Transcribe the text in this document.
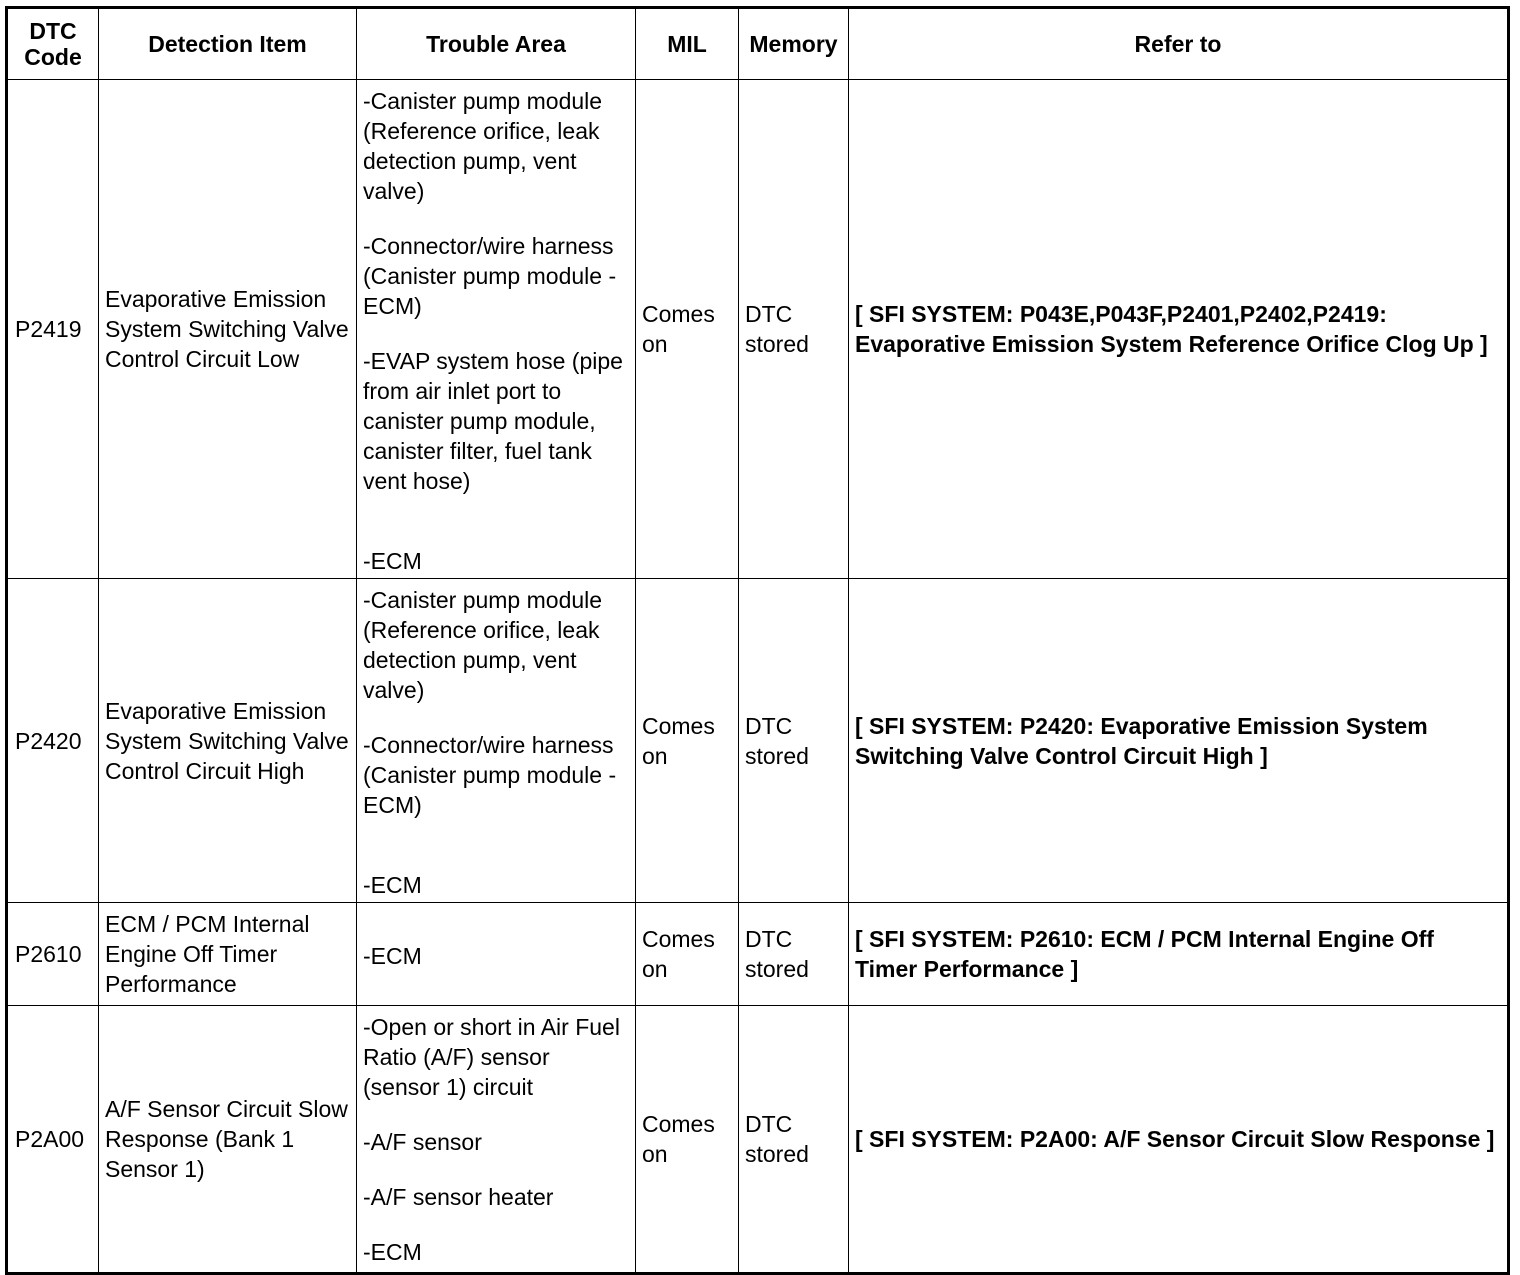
DTC Code	Detection Item	Trouble Area	MIL	Memory	Refer to
P2419	Evaporative Emission System Switching Valve Control Circuit Low	-Canister pump module (Reference orifice, leak detection pump, vent valve)

-Connector/wire harness (Canister pump module - ECM)

-EVAP system hose (pipe from air inlet port to canister pump module, canister filter, fuel tank vent hose)

-ECM	Comes on	DTC stored	[ SFI SYSTEM: P043E,P043F,P2401,P2402,P2419: Evaporative Emission System Reference Orifice Clog Up ]
P2420	Evaporative Emission System Switching Valve Control Circuit High	-Canister pump module (Reference orifice, leak detection pump, vent valve)

-Connector/wire harness (Canister pump module - ECM)

-ECM	Comes on	DTC stored	[ SFI SYSTEM: P2420: Evaporative Emission System Switching Valve Control Circuit High ]
P2610	ECM / PCM Internal Engine Off Timer Performance	-ECM	Comes on	DTC stored	[ SFI SYSTEM: P2610: ECM / PCM Internal Engine Off Timer Performance ]
P2A00	A/F Sensor Circuit Slow Response (Bank 1 Sensor 1)	-Open or short in Air Fuel Ratio (A/F) sensor (sensor 1) circuit

-A/F sensor

-A/F sensor heater

-ECM	Comes on	DTC stored	[ SFI SYSTEM: P2A00: A/F Sensor Circuit Slow Response ]
